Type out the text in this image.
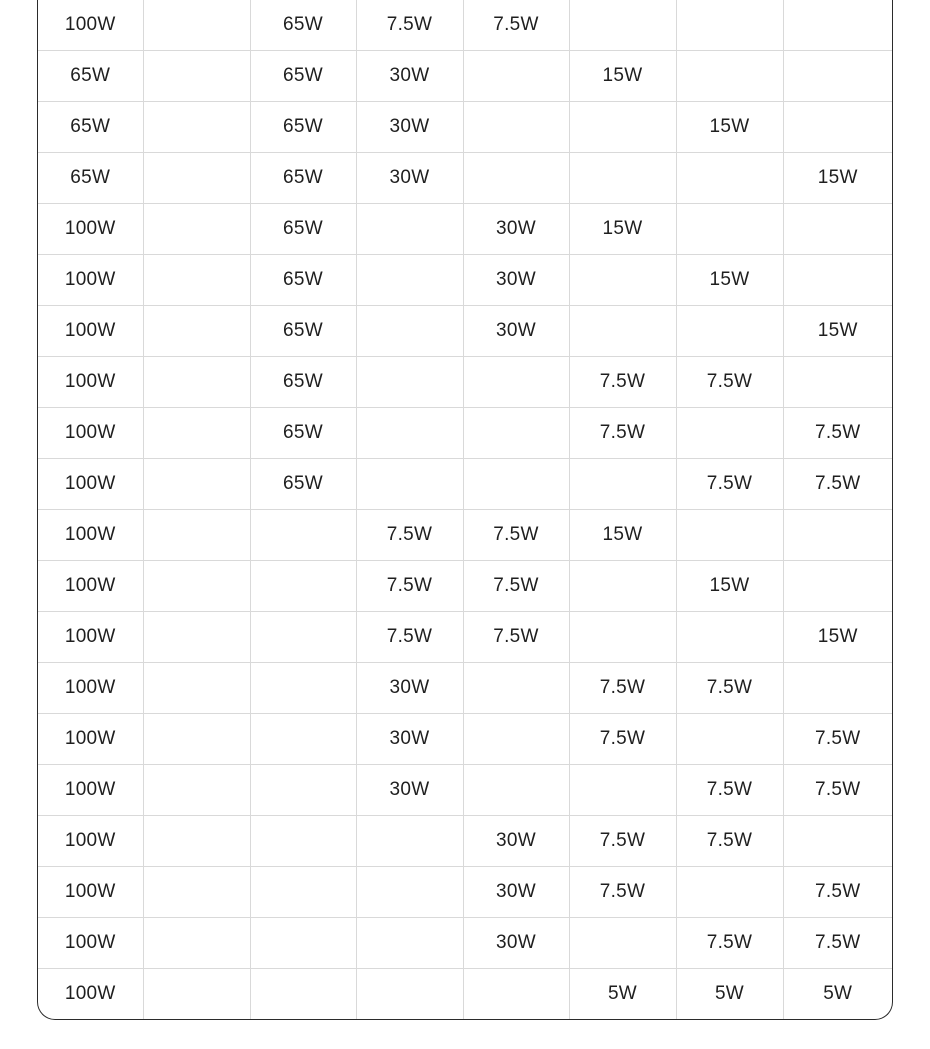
100W		65W	7.5W	7.5W			
65W		65W	30W		15W		
65W		65W	30W			15W	
65W		65W	30W				15W
100W		65W		30W	15W		
100W		65W		30W		15W	
100W		65W		30W			15W
100W		65W			7.5W	7.5W	
100W		65W			7.5W		7.5W
100W		65W				7.5W	7.5W
100W			7.5W	7.5W	15W		
100W			7.5W	7.5W		15W	
100W			7.5W	7.5W			15W
100W			30W		7.5W	7.5W	
100W			30W		7.5W		7.5W
100W			30W			7.5W	7.5W
100W				30W	7.5W	7.5W	
100W				30W	7.5W		7.5W
100W				30W		7.5W	7.5W
100W					5W	5W	5W
